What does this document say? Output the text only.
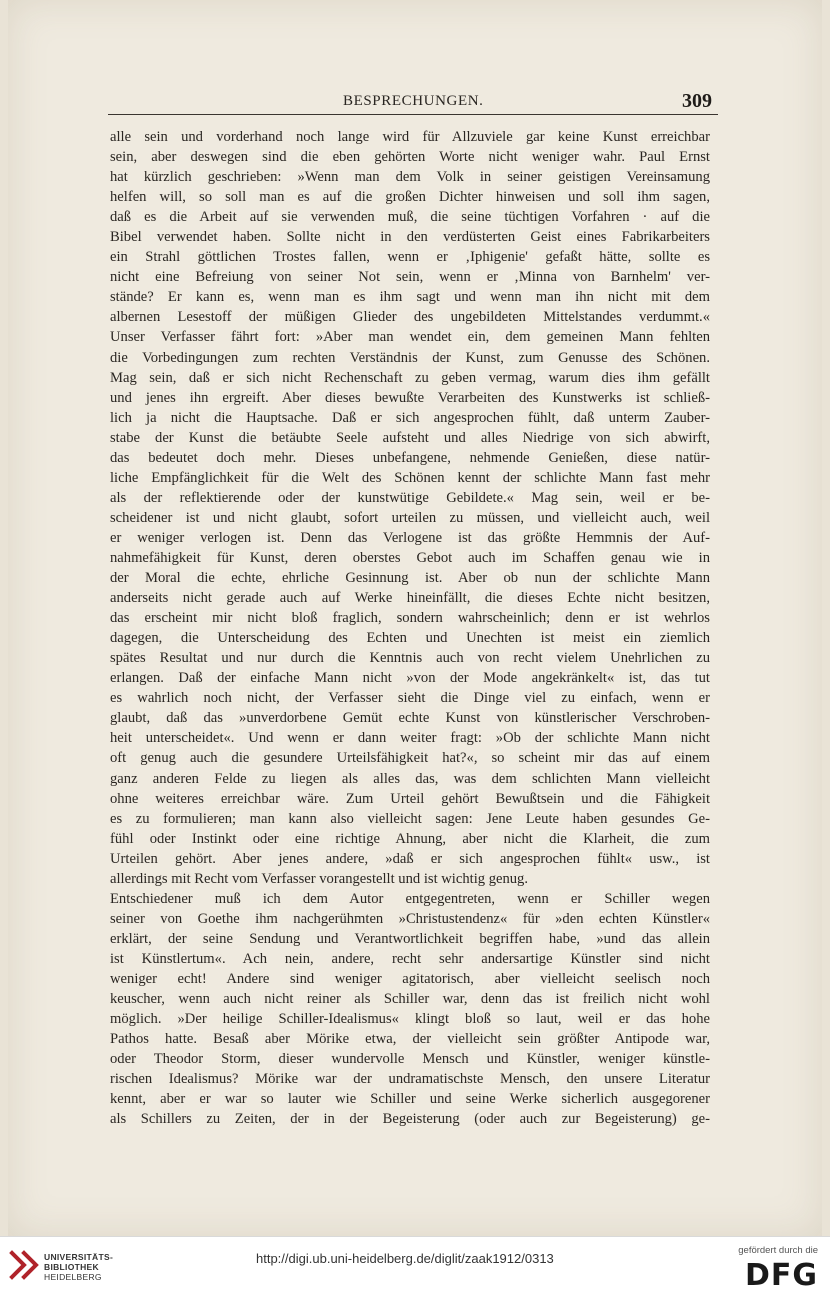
BESPRECHUNGEN.	309
alle sein und vorderhand noch lange wird für Allzuviele gar keine Kunst erreichbar
sein, aber deswegen sind die eben gehörten Worte nicht weniger wahr. Paul Ernst
hat kürzlich geschrieben: »Wenn man dem Volk in seiner geistigen Vereinsamung
helfen will, so soll man es auf die großen Dichter hinweisen und soll ihm sagen,
daß es die Arbeit auf sie verwenden muß, die seine tüchtigen Vorfahren · auf die
Bibel verwendet haben. Sollte nicht in den verdüsterten Geist eines Fabrikarbeiters
ein Strahl göttlichen Trostes fallen, wenn er ‚Iphigenie' gefaßt hätte, sollte es
nicht eine Befreiung von seiner Not sein, wenn er ‚Minna von Barnhelm' ver-
stände? Er kann es, wenn man es ihm sagt und wenn man ihn nicht mit dem
albernen Lesestoff der müßigen Glieder des ungebildeten Mittelstandes verdummt.«
Unser Verfasser fährt fort: »Aber man wendet ein, dem gemeinen Mann fehlten
die Vorbedingungen zum rechten Verständnis der Kunst, zum Genusse des Schönen.
Mag sein, daß er sich nicht Rechenschaft zu geben vermag, warum dies ihm gefällt
und jenes ihn ergreift. Aber dieses bewußte Verarbeiten des Kunstwerks ist schließ-
lich ja nicht die Hauptsache. Daß er sich angesprochen fühlt, daß unterm Zauber-
stabe der Kunst die betäubte Seele aufsteht und alles Niedrige von sich abwirft,
das bedeutet doch mehr. Dieses unbefangene, nehmende Genießen, diese natür-
liche Empfänglichkeit für die Welt des Schönen kennt der schlichte Mann fast mehr
als der reflektierende oder der kunstwütige Gebildete.« Mag sein, weil er be-
scheidener ist und nicht glaubt, sofort urteilen zu müssen, und vielleicht auch, weil
er weniger verlogen ist. Denn das Verlogene ist das größte Hemmnis der Auf-
nahmefähigkeit für Kunst, deren oberstes Gebot auch im Schaffen genau wie in
der Moral die echte, ehrliche Gesinnung ist. Aber ob nun der schlichte Mann
anderseits nicht gerade auch auf Werke hineinfällt, die dieses Echte nicht besitzen,
das erscheint mir nicht bloß fraglich, sondern wahrscheinlich; denn er ist wehrlos
dagegen, die Unterscheidung des Echten und Unechten ist meist ein ziemlich
spätes Resultat und nur durch die Kenntnis auch von recht vielem Unehrlichen zu
erlangen. Daß der einfache Mann nicht »von der Mode angekränkelt« ist, das tut
es wahrlich noch nicht, der Verfasser sieht die Dinge viel zu einfach, wenn er
glaubt, daß das »unverdorbene Gemüt echte Kunst von künstlerischer Verschroben-
heit unterscheidet«. Und wenn er dann weiter fragt: »Ob der schlichte Mann nicht
oft genug auch die gesundere Urteilsfähigkeit hat?«, so scheint mir das auf einem
ganz anderen Felde zu liegen als alles das, was dem schlichten Mann vielleicht
ohne weiteres erreichbar wäre. Zum Urteil gehört Bewußtsein und die Fähigkeit
es zu formulieren; man kann also vielleicht sagen: Jene Leute haben gesundes Ge-
fühl oder Instinkt oder eine richtige Ahnung, aber nicht die Klarheit, die zum
Urteilen gehört. Aber jenes andere, »daß er sich angesprochen fühlt« usw., ist
allerdings mit Recht vom Verfasser vorangestellt und ist wichtig genug.
Entschiedener muß ich dem Autor entgegentreten, wenn er Schiller wegen
seiner von Goethe ihm nachgerühmten »Christustendenz« für »den echten Künstler«
erklärt, der seine Sendung und Verantwortlichkeit begriffen habe, »und das allein
ist Künstlertum«. Ach nein, andere, recht sehr andersartige Künstler sind nicht
weniger echt! Andere sind weniger agitatorisch, aber vielleicht seelisch noch
keuscher, wenn auch nicht reiner als Schiller war, denn das ist freilich nicht wohl
möglich. »Der heilige Schiller-Idealismus« klingt bloß so laut, weil er das hohe
Pathos hatte. Besaß aber Mörike etwa, der vielleicht sein größter Antipode war,
oder Theodor Storm, dieser wundervolle Mensch und Künstler, weniger künstle-
rischen Idealismus? Mörike war der undramatischste Mensch, den unsere Literatur
kennt, aber er war so lauter wie Schiller und seine Werke sicherlich ausgegorener
als Schillers zu Zeiten, der in der Begeisterung (oder auch zur Begeisterung) ge-
UNIVERSITÄTS-
BIBLIOTHEK
HEIDELBERG
http://digi.ub.uni-heidelberg.de/diglit/zaak1912/0313
gefördert durch die
DFG
